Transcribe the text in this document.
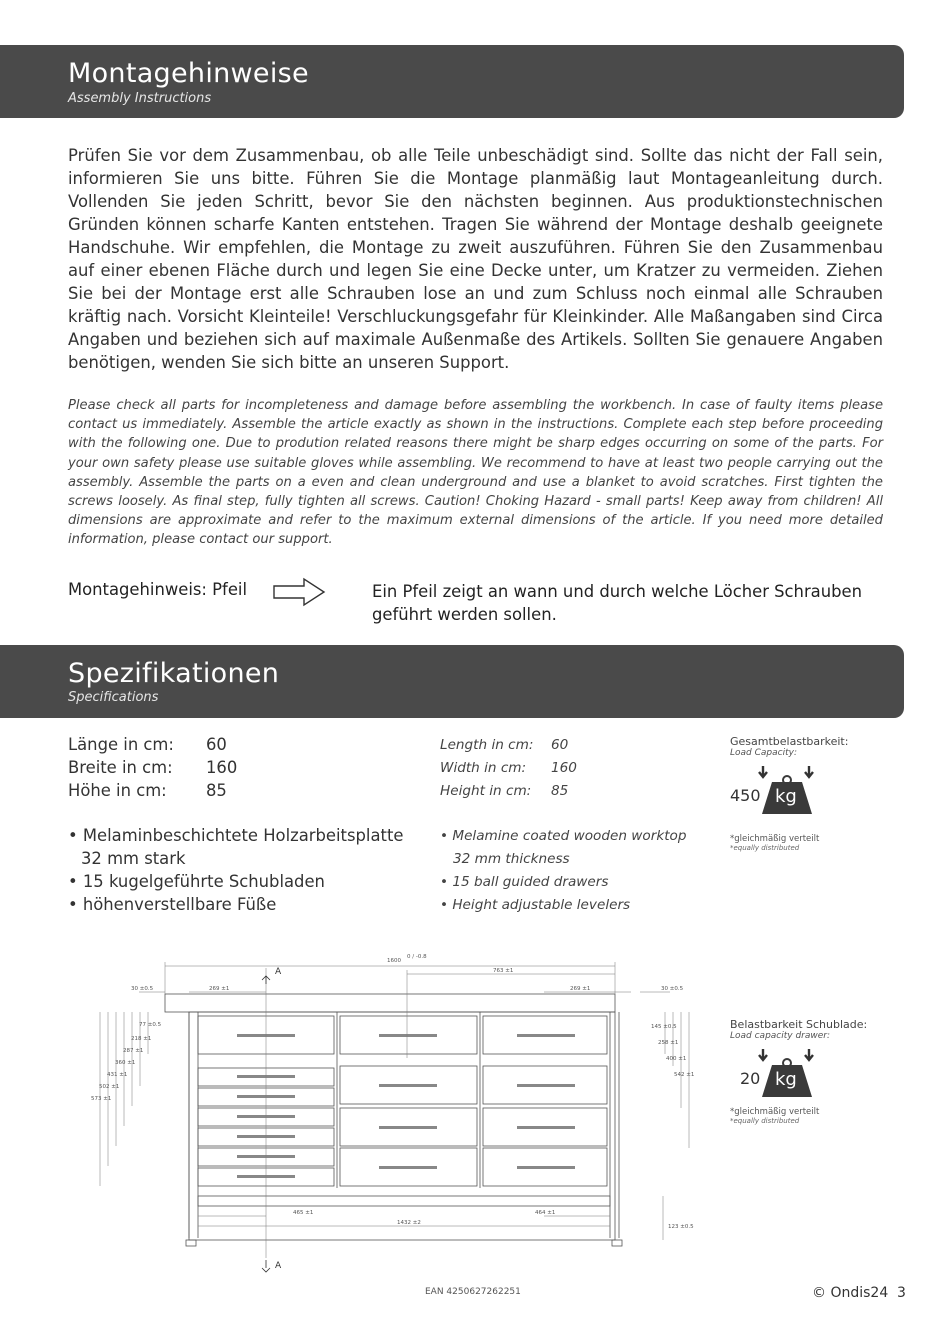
Montagehinweise
Assembly Instructions

Prüfen Sie vor dem Zusammenbau, ob alle Teile unbeschädigt sind. Sollte das nicht der Fall sein, informieren Sie uns bitte. Führen Sie die Montage planmäßig laut Montageanleitung durch. Vollenden Sie jeden Schritt, bevor Sie den nächsten beginnen. Aus produktionstechnischen Gründen können scharfe Kanten entstehen. Tragen Sie während der Montage deshalb geeignete Handschuhe. Wir empfehlen, die Montage zu zweit auszuführen. Führen Sie den Zusammenbau auf einer ebenen Fläche durch und legen Sie eine Decke unter, um Kratzer zu vermeiden. Ziehen Sie bei der Montage erst alle Schrauben lose an und zum Schluss noch einmal alle Schrauben kräftig nach. Vorsicht Kleinteile! Verschluckungsgefahr für Kleinkinder. Alle Maßangaben sind Circa Angaben und beziehen sich auf maximale Außenmaße des Artikels. Sollten Sie genauere Angaben benötigen, wenden Sie sich bitte an unseren Support.

Please check all parts for incompleteness and damage before assembling the workbench. In case of faulty items please contact us immediately. Assemble the article exactly as shown in the instructions. Complete each step before proceeding with the following one. Due to prodution related reasons there might be sharp edges occurring on some of the parts. For your own safety please use suitable gloves while assembling. We recommend to have at least two people carrying out the assembly. Assemble the parts on a even and clean underground and use a blanket to avoid scratches. First tighten the screws loosely. As final step, fully tighten all screws. Caution! Choking Hazard - small parts! Keep away from children! All dimensions are approximate and refer to the maximum external dimensions of the article. If you need more detailed information, please contact our support.

Montagehinweis: Pfeil	Ein Pfeil zeigt an wann und durch welche Löcher Schrauben geführt werden sollen.
Spezifikationen
Specifications
Länge in cm:	60
Breite in cm:	160
Höhe in cm:	85
Length in cm:	60
Width in cm:	160
Height in cm:	85
• Melaminbeschichtete Holzarbeitsplatte
32 mm stark
• 15 kugelgeführte Schubladen
• höhenverstellbare Füße
• Melamine coated wooden worktop
32 mm thickness
• 15 ball guided drawers
• Height adjustable levelers
Gesamtbelastbarkeit:
Load Capacity:
450 kg
*gleichmäßig verteilt
*equally distributed
Belastbarkeit Schublade:
Load capacity drawer:
20 kg
*gleichmäßig verteilt
*equally distributed
1600
0 / -0.8
763 ±1
269 ±1	269 ±1
30 ±0.5	30 ±0.5
465 ±1	464 ±1
1432 ±2
123 ±0.5
573 ±1
502 ±1
431 ±1
360 ±1
287 ±1
218 ±1
77 ±0.5	145 ±0.5
258 ±1
400 ±1
542 ±1
A
A
EAN 4250627262251	© Ondis24 3
